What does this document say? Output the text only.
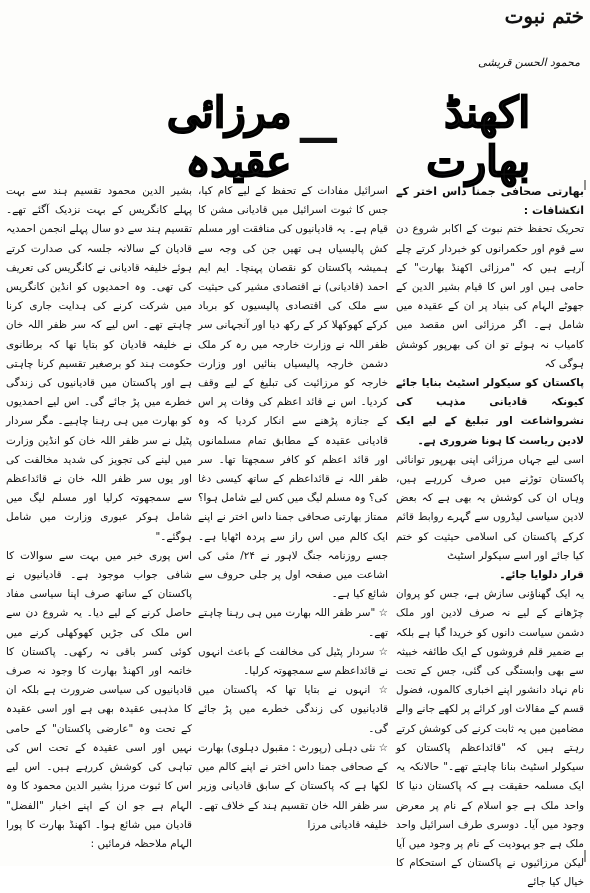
ختم نبوت
محمود الحسن قریشی
اکھنڈ بھارت
—
مرزائی عقیدہ

بھارتی صحافی جمنا داس اختر کے انکشافات :

تحریک تحفظ ختم نبوت کے اکابر شروع دن سے قوم اور حکمرانوں کو خبردار کرتے چلے آرہے ہیں کہ "مرزائی اکھنڈ بھارت" کے حامی ہیں اور اس کا قیام بشیر الدین کے جھوٹے الہام کی بنیاد پر ان کے عقیدہ میں شامل ہے۔ اگر مرزائی اس مقصد میں کامیاب نہ ہوئے تو ان کی بھرپور کوشش ہوگی کہ

پاکستان کو سیکولر اسٹیٹ بنایا جائے کیونکہ قادیانی مذہب کی نشرواشاعت اور تبلیغ کے لیے ایک لادین ریاست کا ہونا ضروری ہے۔

اسی لیے جہاں مرزائی اپنی بھرپور توانائی پاکستان توڑنے میں صرف کررہے ہیں، وہاں ان کی کوشش یہ بھی ہے کہ بعض لادین سیاسی لیڈروں سے گہرے روابط قائم کرکے پاکستان کی اسلامی حیثیت کو ختم کیا جائے اور اسے سیکولر اسٹیٹ

قرار دلوایا جائے۔

یہ ایک گھناؤنی سازش ہے، جس کو پروان چڑھانے کے لیے نہ صرف لادین اور ملک دشمن سیاست دانوں کو خریدا گیا ہے بلکہ بے ضمیر قلم فروشوں کے ایک طائفہ خبیثہ سے بھی وابستگی کی گئی، جس کے تحت نام نہاد دانشور اپنے اخباری کالموں، فضول قسم کے مقالات اور کرائے پر لکھے جانے والے مضامین میں یہ ثابت کرنے کی کوشش کرتے رہتے ہیں کہ "قائداعظم پاکستان کو سیکولر اسٹیٹ بنانا چاہتے تھے۔" حالانکہ یہ ایک مسلمہ حقیقت ہے کہ پاکستان دنیا کا واحد ملک ہے جو اسلام کے نام پر معرض وجود میں آیا۔ دوسری طرف اسرائیل واحد ملک ہے جو یہودیت کے نام پر وجود میں آیا لیکن مرزائیوں نے پاکستان کے استحکام کا خیال کیا جائے

اسرائیل مفادات کے تحفظ کے لیے کام کیا، جس کا ثبوت اسرائیل میں قادیانی مشن کا قیام ہے۔ یہ قادیانیوں کی منافقت اور مسلم کش پالیسیاں ہی تھیں جن کی وجہ سے ہمیشہ پاکستان کو نقصان پہنچا۔ ایم ایم احمد (قادیانی) نے اقتصادی مشیر کی حیثیت سے ملک کی اقتصادی پالیسیوں کو برباد کرکے کھوکھلا کر کے رکھ دیا اور آنجہانی سر ظفر اللہ نے وزارت خارجہ میں رہ کر ملک دشمن خارجہ پالیسیاں بنائیں اور وزارت خارجہ کو مرزائیت کی تبلیغ کے لیے وقف کردیا۔ اس نے قائد اعظم کی وفات پر اس کے جنازہ پڑھنے سے انکار کردیا کہ وہ قادیانی عقیدہ کے مطابق تمام مسلمانوں اور قائد اعظم کو کافر سمجھتا تھا۔ سر ظفر اللہ نے قائداعظم کے ساتھ کیسی دغا کی؟ وہ مسلم لیگ میں کس لیے شامل ہوا؟ ممتاز بھارتی صحافی جمنا داس اختر نے اپنے ایک کالم میں اس راز سے پردہ اٹھایا ہے۔ جسے روزنامہ جنگ لاہور نے ۲۴/ مئی کی اشاعت میں صفحہ اول پر جلی حروف سے شائع کیا ہے۔

☆ "سر ظفر اللہ بھارت میں ہی رہنا چاہتے تھے۔

☆ سردار پٹیل کی مخالفت کے باعث انہوں نے قائداعظم سے سمجھوتہ کرلیا۔

☆ انہوں نے بتایا تھا کہ پاکستان میں قادیانیوں کی زندگی خطرے میں پڑ جائے گی۔

☆ نئی دہلی (رپورٹ : مقبول دہلوی) بھارت کے صحافی جمنا داس اختر نے اپنے کالم میں لکھا ہے کہ پاکستان کے سابق قادیانی وزیر سر ظفر اللہ خان تقسیم ہند کے خلاف تھے۔ خلیفہ قادیانی مرزا

بشیر الدین محمود تقسیم ہند سے بہت پہلے کانگریس کے بہت نزدیک آگئے تھے۔ تقسیم ہند سے دو سال پہلے انجمن احمدیہ قادیان کے سالانہ جلسہ کی صدارت کرتے ہوئے خلیفہ قادیانی نے کانگریس کی تعریف کی تھی۔ وہ احمدیوں کو انڈین کانگریس میں شرکت کرنے کی ہدایت جاری کرنا چاہتے تھے۔ اس لیے کہ سر ظفر اللہ خان نے خلیفہ قادیان کو بتایا تھا کہ برطانوی حکومت ہند کو برصغیر تقسیم کرنا چاہتی ہے اور پاکستان میں قادیانیوں کی زندگی خطرے میں پڑ جائے گی۔ اس لیے احمدیوں کو بھارت میں ہی رہنا چاہیے۔ مگر سردار پٹیل نے سر ظفر اللہ خان کو انڈین وزارت میں لینے کی تجویز کی شدید مخالفت کی اور یوں سر ظفر اللہ خان نے قائداعظم سے سمجھوتہ کرلیا اور مسلم لیگ میں شامل ہوکر عبوری وزارت میں شامل ہوگئے۔"

اس پوری خبر میں بہت سے سوالات کا شافی جواب موجود ہے۔ قادیانیوں نے پاکستان کے ساتھ صرف اپنا سیاسی مفاد حاصل کرنے کے لیے دیا۔ یہ شروع دن سے اس ملک کی جڑیں کھوکھلی کرنے میں کوئی کسر باقی نہ رکھی۔ پاکستان کا خاتمہ اور اکھنڈ بھارت کا وجود نہ صرف قادیانیوں کی سیاسی ضرورت ہے بلکہ ان کا مذہبی عقیدہ بھی ہے اور اسی عقیدہ کے تحت وہ "عارضی پاکستان" کے حامی نہیں اور اسی عقیدہ کے تحت اس کی تباہی کی کوشش کررہے ہیں۔ اس لیے اس کا ثبوت مرزا بشیر الدین محمود کا وہ الہام ہے جو ان کے اپنے اخبار "الفضل" قادیان میں شائع ہوا۔ اکھنڈ بھارت کا پورا الہام ملاحظہ فرمائیں :
